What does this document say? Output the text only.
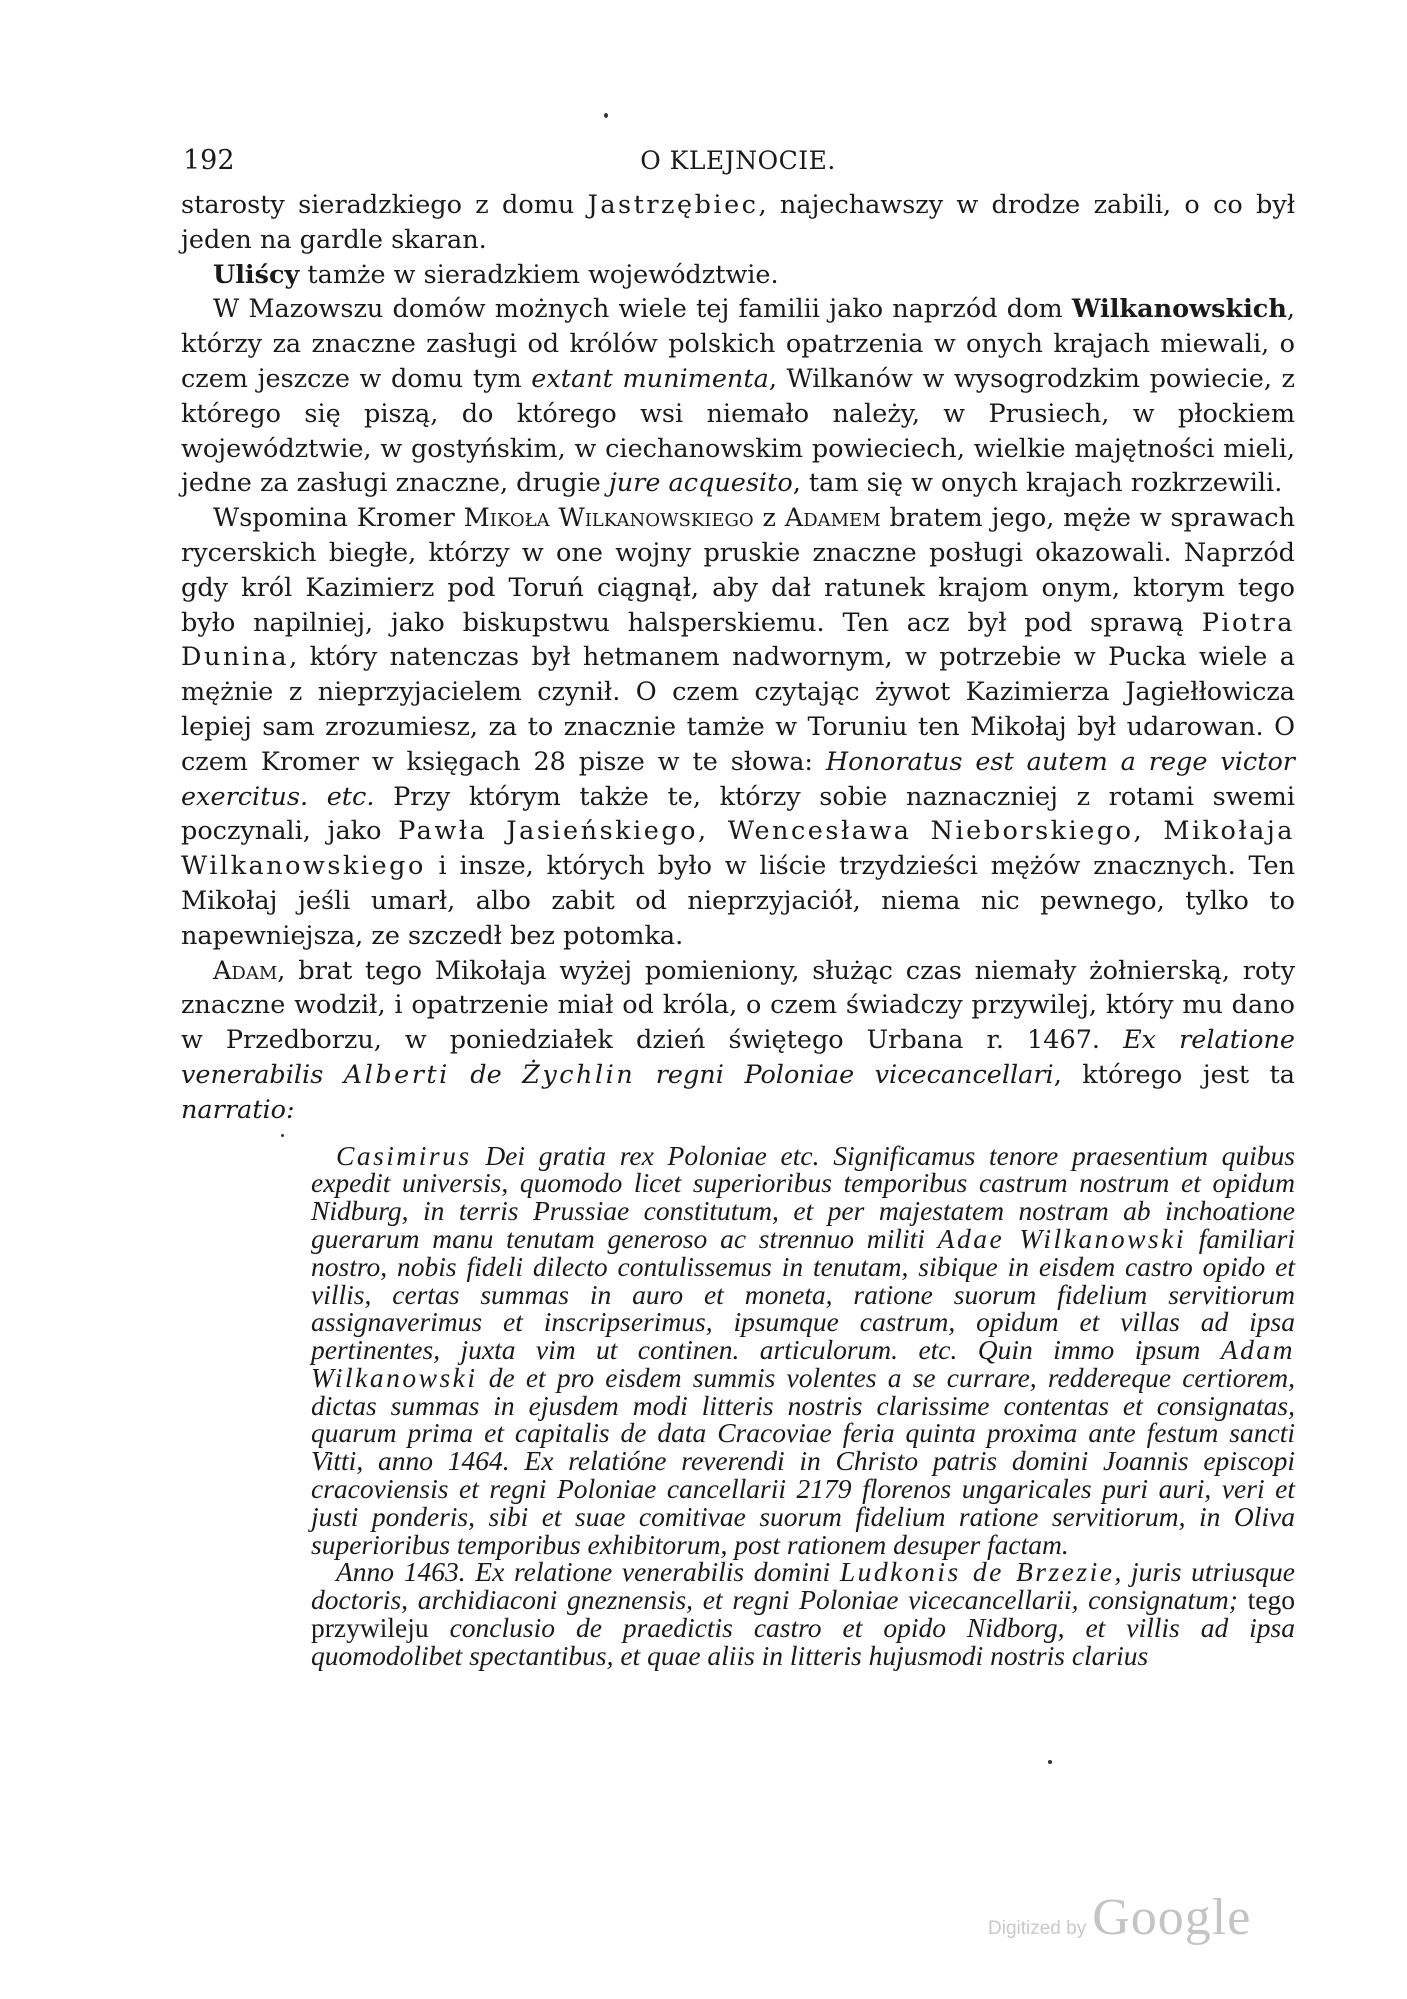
192	O KLEJNOCIE.

starosty sieradzkiego z domu Jastrzębiec, najechawszy w drodze zabili, o co był jeden na gardle skaran.

Uliścy tamże w sieradzkiem województwie.

W Mazowszu domów możnych wiele tej familii jako naprzód dom Wilkanowskich, którzy za znaczne zasługi od królów polskich opatrzenia w onych krajach miewali, o czem jeszcze w domu tym extant munimenta, Wilkanów w wysogrodzkim powiecie, z którego się piszą, do którego wsi niemało należy, w Prusiech, w płockiem województwie, w gostyńskim, w ciechanowskim powieciech, wielkie majętności mieli, jedne za zasługi znaczne, drugie jure acquesito, tam się w onych krajach rozkrzewili.

Wspomina Kromer Mikoła Wilkanowskiego z Adamem bratem jego, męże w sprawach rycerskich biegłe, którzy w one wojny pruskie znaczne posługi okazowali. Naprzód gdy król Kazimierz pod Toruń ciągnął, aby dał ratunek krajom onym, ktorym tego było napilniej, jako biskupstwu halsperskiemu. Ten acz był pod sprawą Piotra Dunina, który natenczas był hetmanem nadwornym, w potrzebie w Pucka wiele a mężnie z nieprzyjacielem czynił. O czem czytając żywot Kazimierza Jagiełłowicza lepiej sam zrozumiesz, za to znacznie tamże w Toruniu ten Mikołaj był udarowan. O czem Kromer w księgach 28 pisze w te słowa: Honoratus est autem a rege victor exercitus. etc. Przy którym także te, którzy sobie naznaczniej z rotami swemi poczynali, jako Pawła Jasieńskiego, Wencesława Nieborskiego, Mikołaja Wilkanowskiego i insze, których było w liście trzydzieści mężów znacznych. Ten Mikołaj jeśli umarł, albo zabit od nieprzyjaciół, niema nic pewnego, tylko to napewniejsza, ze szczedł bez potomka.

Adam, brat tego Mikołaja wyżej pomieniony, służąc czas niemały żołnierską, roty znaczne wodził, i opatrzenie miał od króla, o czem świadczy przywilej, który mu dano w Przedborzu, w poniedziałek dzień świętego Urbana r. 1467. Ex relatione venerabilis Alberti de Żychlin regni Poloniae vicecancellari, którego jest ta narratio:

Casimirus Dei gratia rex Poloniae etc. Significamus tenore praesentium quibus expedit universis, quomodo licet superioribus temporibus castrum nostrum et opidum Nidburg, in terris Prussiae constitutum, et per majestatem nostram ab inchoatione guerarum manu tenutam generoso ac strennuo militi Adae Wilkanowski familiari nostro, nobis fideli dilecto contulissemus in tenutam, sibique in eisdem castro opido et villis, certas summas in auro et moneta, ratione suorum fidelium servitiorum assignaverimus et inscripserimus, ipsumque castrum, opidum et villas ad ipsa pertinentes, juxta vim ut continen. articulorum. etc. Quin immo ipsum Adam Wilkanowski de et pro eisdem summis volentes a se currare, reddereque certiorem, dictas summas in ejusdem modi litteris nostris clarissime contentas et consignatas, quarum prima et capitalis de data Cracoviae feria quinta proxima ante festum sancti Vitti, anno 1464. Ex relatióne reverendi in Christo patris domini Joannis episcopi cracoviensis et regni Poloniae cancellarii 2179 florenos ungaricales puri auri, veri et justi ponderis, sibi et suae comitivae suorum fidelium ratione servitiorum, in Oliva superioribus temporibus exhibitorum, post rationem desuper factam.

Anno 1463. Ex relatione venerabilis domini Ludkonis de Brzezie, juris utriusque doctoris, archidiaconi gneznensis, et regni Poloniae vicecancellarii, consignatum; tego przywileju conclusio de praedictis castro et opido Nidborg, et villis ad ipsa quomodolibet spectantibus, et quae aliis in litteris hujusmodi nostris clarius

Digitized by Google
